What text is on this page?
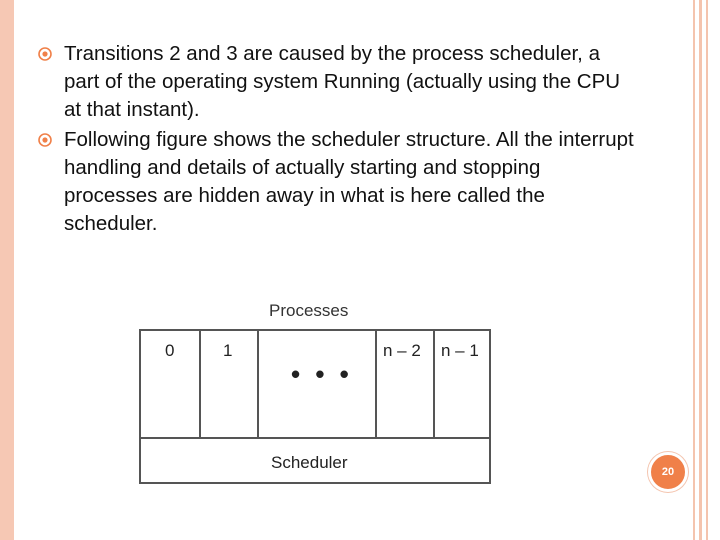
Transitions 2 and 3 are caused by the process scheduler, a part of the operating system Running (actually using the CPU at that instant).
Following figure shows the scheduler structure. All the interrupt handling and details of actually starting and stopping processes are hidden away in what is here called the scheduler.
Processes
0	1
• • •
n – 2 n – 1
Scheduler	20
